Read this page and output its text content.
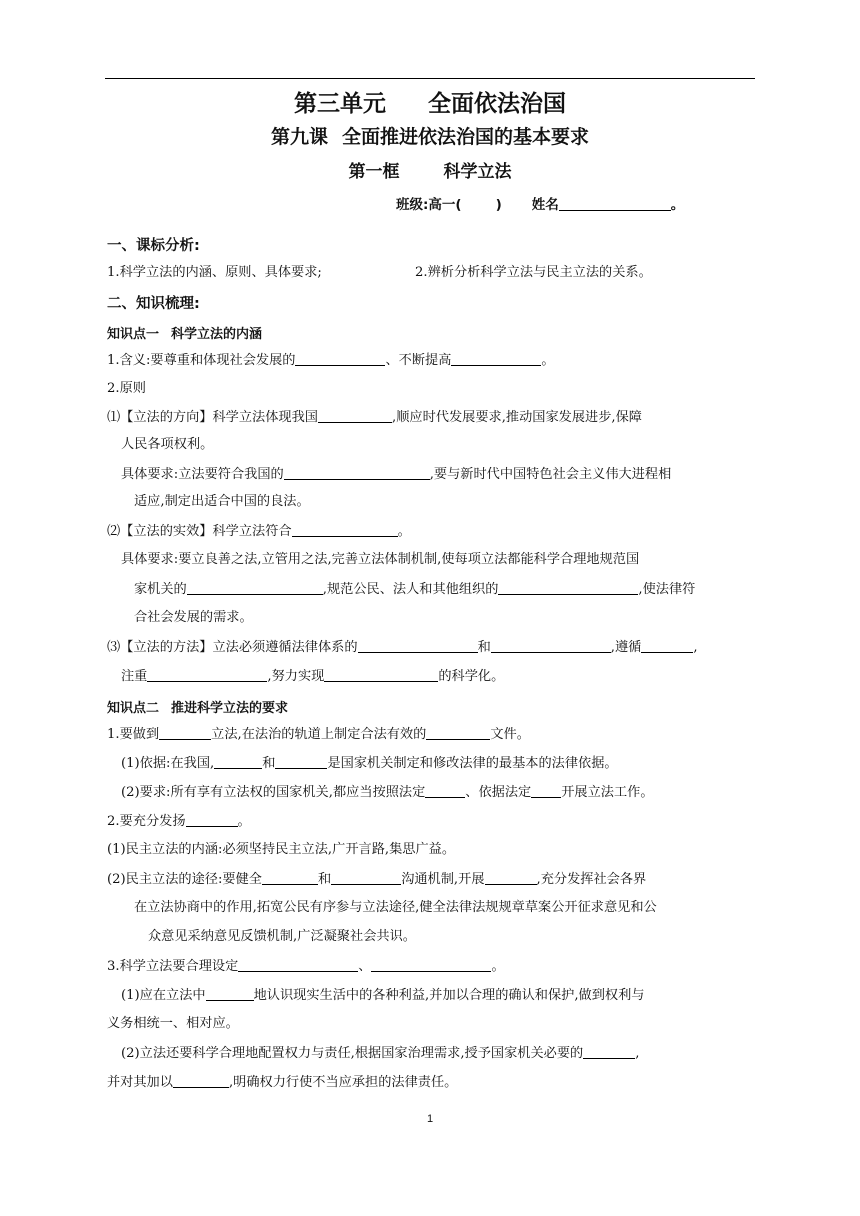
第三单元 全面依法治国
第九课 全面推进依法治国的基本要求
第一框	科学立法
班级:高一(	) 姓名	。
一、课标分析:
1.科学立法的内涵、原则、具体要求;	2.辨析分析科学立法与民主立法的关系。
二、知识梳理:
知识点一 科学立法的内涵
1.含义:要尊重和体现社会发展的	、不断提高	。
2.原则
⑴【立法的方向】科学立法体现我国	,顺应时代发展要求,推动国家发展进步,保障
人民各项权利。
具体要求:立法要符合我国的	,要与新时代中国特色社会主义伟大进程相
适应,制定出适合中国的良法。
⑵【立法的实效】科学立法符合	。
具体要求:要立良善之法,立管用之法,完善立法体制机制,使每项立法都能科学合理地规范国
家机关的	,规范公民、法人和其他组织的	,使法律符
合社会发展的需求。
⑶【立法的方法】立法必须遵循法律体系的	和	,遵循	,
注重	,努力实现	的科学化。
知识点二 推进科学立法的要求
1.要做到	立法,在法治的轨道上制定合法有效的	文件。
(1)依据:在我国,	和	是国家机关制定和修改法律的最基本的法律依据。
(2)要求:所有享有立法权的国家机关,都应当按照法定	、依据法定 开展立法工作。
2.要充分发扬	。
(1)民主立法的内涵:必须坚持民主立法,广开言路,集思广益。
(2)民主立法的途径:要健全	和	沟通机制,开展	,充分发挥社会各界
在立法协商中的作用,拓宽公民有序参与立法途径,健全法律法规规章草案公开征求意见和公
众意见采纳意见反馈机制,广泛凝聚社会共识。
3.科学立法要合理设定	、	。
(1)应在立法中	地认识现实生活中的各种利益,并加以合理的确认和保护,做到权利与
义务相统一、相对应。
(2)立法还要科学合理地配置权力与责任,根据国家治理需求,授予国家机关必要的	,
并对其加以	,明确权力行使不当应承担的法律责任。
1
